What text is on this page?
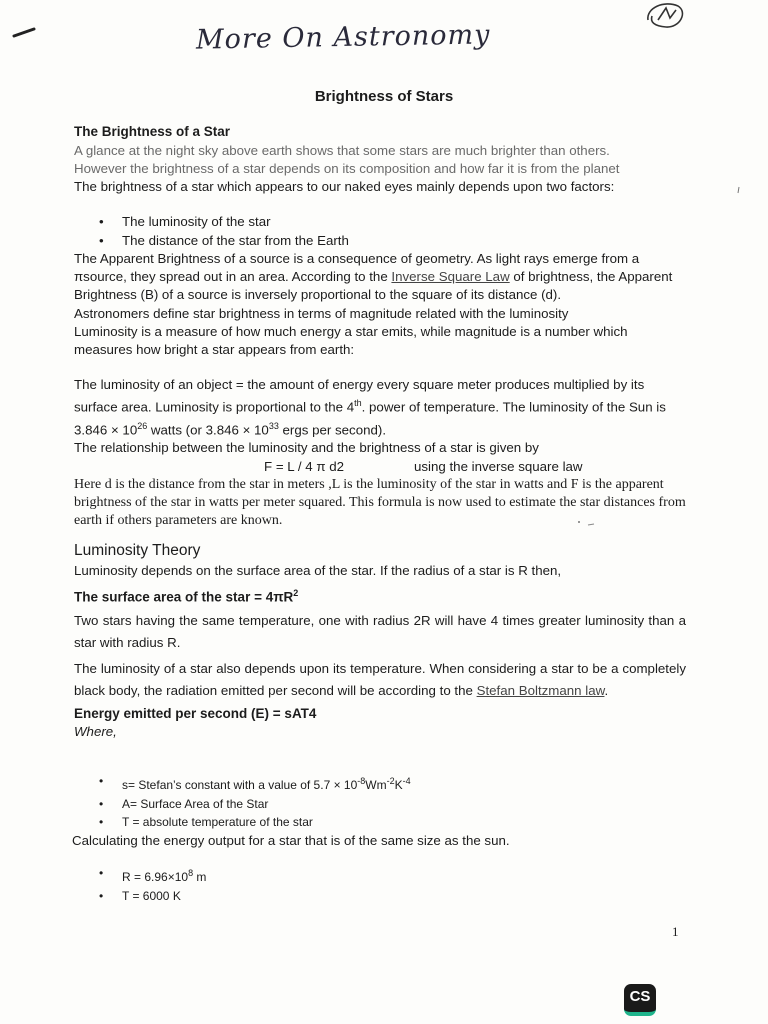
More On Astronomy
Brightness of Stars
The Brightness of a Star

A glance at the night sky above earth shows that some stars are much brighter than others.

However the brightness of a star depends on its composition and how far it is from the planet

The brightness of a star which appears to our naked eyes mainly depends upon two factors:

• The luminosity of the star
• The distance of the star from the Earth

The Apparent Brightness of a source is a consequence of geometry. As light rays emerge from a πsource, they spread out in an area. According to the Inverse Square Law of brightness, the Apparent Brightness (B) of a source is inversely proportional to the square of its distance (d).

Astronomers define star brightness in terms of magnitude related with the luminosity

Luminosity is a measure of how much energy a star emits, while magnitude is a number which measures how bright a star appears from earth:

The luminosity of an object = the amount of energy every square meter produces multiplied by its surface area. Luminosity is proportional to the 4th. power of temperature. The luminosity of the Sun is $3.846 \times 10^{26}$ watts (or $3.846 \times 10^{33}$ ergs per second).

The relationship between the luminosity and the brightness of a star is given by

F = L / 4 π d2	using the inverse square law

Here d is the distance from the star in meters ,L is the luminosity of the star in watts and F is the apparent brightness of the star in watts per meter squared. This formula is now used to estimate the star distances from earth if others parameters are known.

Luminosity Theory
Luminosity depends on the surface area of the star. If the radius of a star is R then,
The surface area of the star = $4\pi R^2$
Two stars having the same temperature, one with radius 2R will have 4 times greater luminosity than a star with radius R.
The luminosity of a star also depends upon its temperature. When considering a star to be a completely black body, the radiation emitted per second will be according to the Stefan Boltzmann law.
Energy emitted per second (E) = sAT4
Where,
• s= Stefan’s constant with a value of $5.7 \times 10^{-8}Wm^{-2}K^{-4}$
• A= Surface Area of the Star
• T = absolute temperature of the star
Calculating the energy output for a star that is of the same size as the sun.
• $R = 6.96\times 10^8$ m
• T = 6000 K
1
CS
